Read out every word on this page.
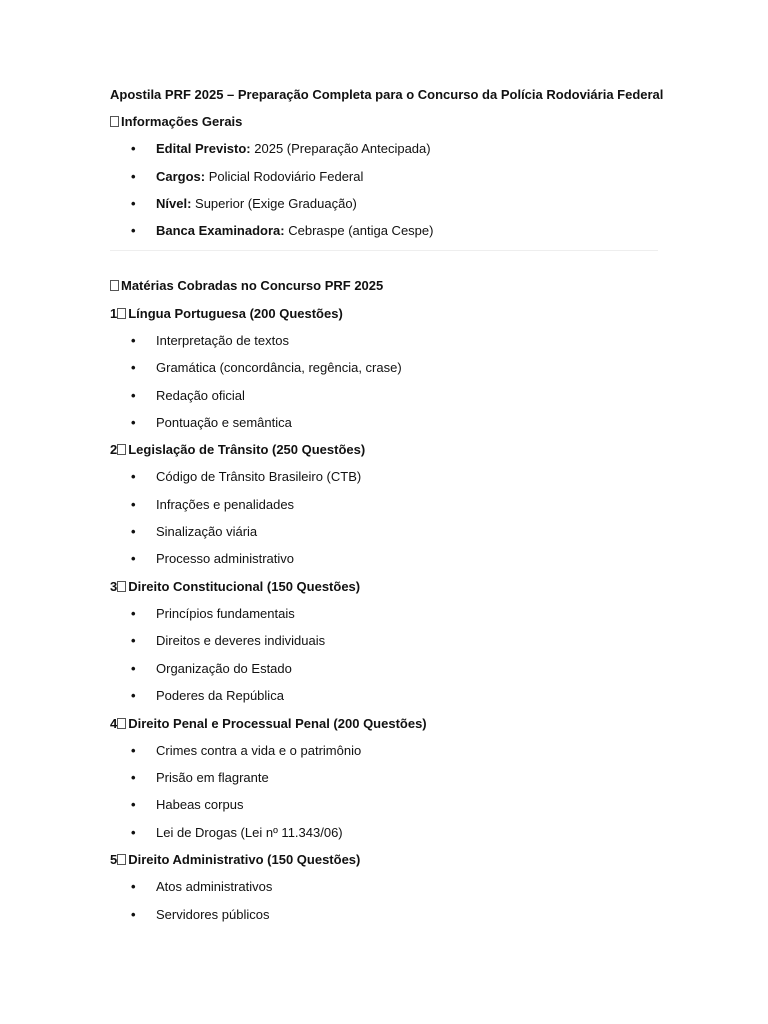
Apostila PRF 2025 – Preparação Completa para o Concurso da Polícia Rodoviária Federal
Informações Gerais
• Edital Previsto: 2025 (Preparação Antecipada)
• Cargos: Policial Rodoviário Federal
• Nível: Superior (Exige Graduação)
• Banca Examinadora: Cebraspe (antiga Cespe)
Matérias Cobradas no Concurso PRF 2025
1 Língua Portuguesa (200 Questões)
• Interpretação de textos
• Gramática (concordância, regência, crase)
• Redação oficial
• Pontuação e semântica
2 Legislação de Trânsito (250 Questões)
• Código de Trânsito Brasileiro (CTB)
• Infrações e penalidades
• Sinalização viária
• Processo administrativo
3 Direito Constitucional (150 Questões)
• Princípios fundamentais
• Direitos e deveres individuais
• Organização do Estado
• Poderes da República
4 Direito Penal e Processual Penal (200 Questões)
• Crimes contra a vida e o patrimônio
• Prisão em flagrante
• Habeas corpus
• Lei de Drogas (Lei nº 11.343/06)
5 Direito Administrativo (150 Questões)
• Atos administrativos
• Servidores públicos
